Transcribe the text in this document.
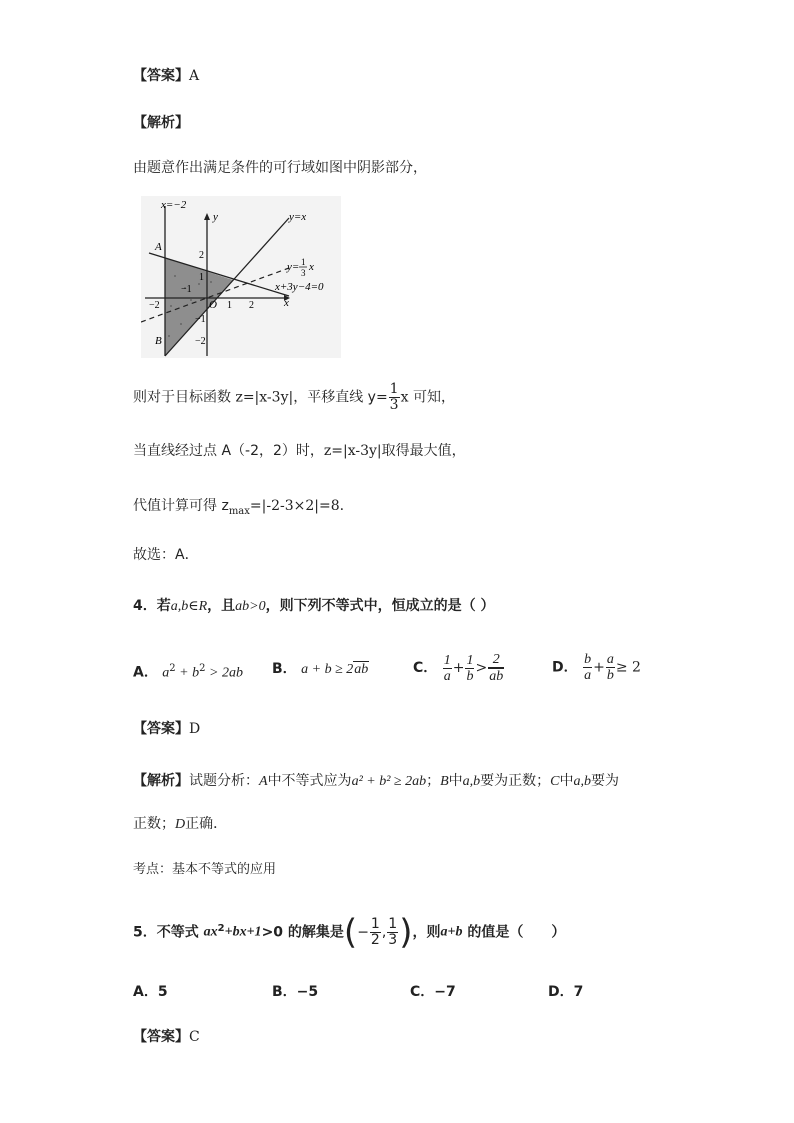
【答案】A
【解析】
由题意作出满足条件的可行域如图中阴影部分，
x=−2
y
x
y=x
y= 1
3 x
x+3y−4=0
A
B
O
2
1
−1
−2
−2
−1
1 2
则对于目标函数 z=|x-3y|，平移直线 $y= \frac{1}{3}$ x 可知，
当直线经过点 A（-2，2）时，z=|x-3y|取得最大值，
代值计算可得 $z_{max}=|-2-3\times 2|=8$.
故选：A．
4．若a,b∈R，且ab>0，则下列不等式中，恒成立的是（ ）
A． $a^2 + b^2 > 2ab$ B． a + b ≥ 2ab	C． $\frac{1}{a} + \frac{1}{b} > \frac{2}{ab}$	D． $\frac{b}{a} + \frac{a}{b} \ge 2$
【答案】D
【解析】试题分析：A中不等式应为a² + b² ≥ 2ab；B中a,b要为正数；C中a,b要为
正数；D正确．
考点：基本不等式的应用
5．不等式 $ax^2+bx+1>0$ 的解集是(− $\frac{1}{2}$ , $\frac{1}{3}$ )，则a+b 的值是（　　）
A．5	B．−5	C．−7	D．7
【答案】C
